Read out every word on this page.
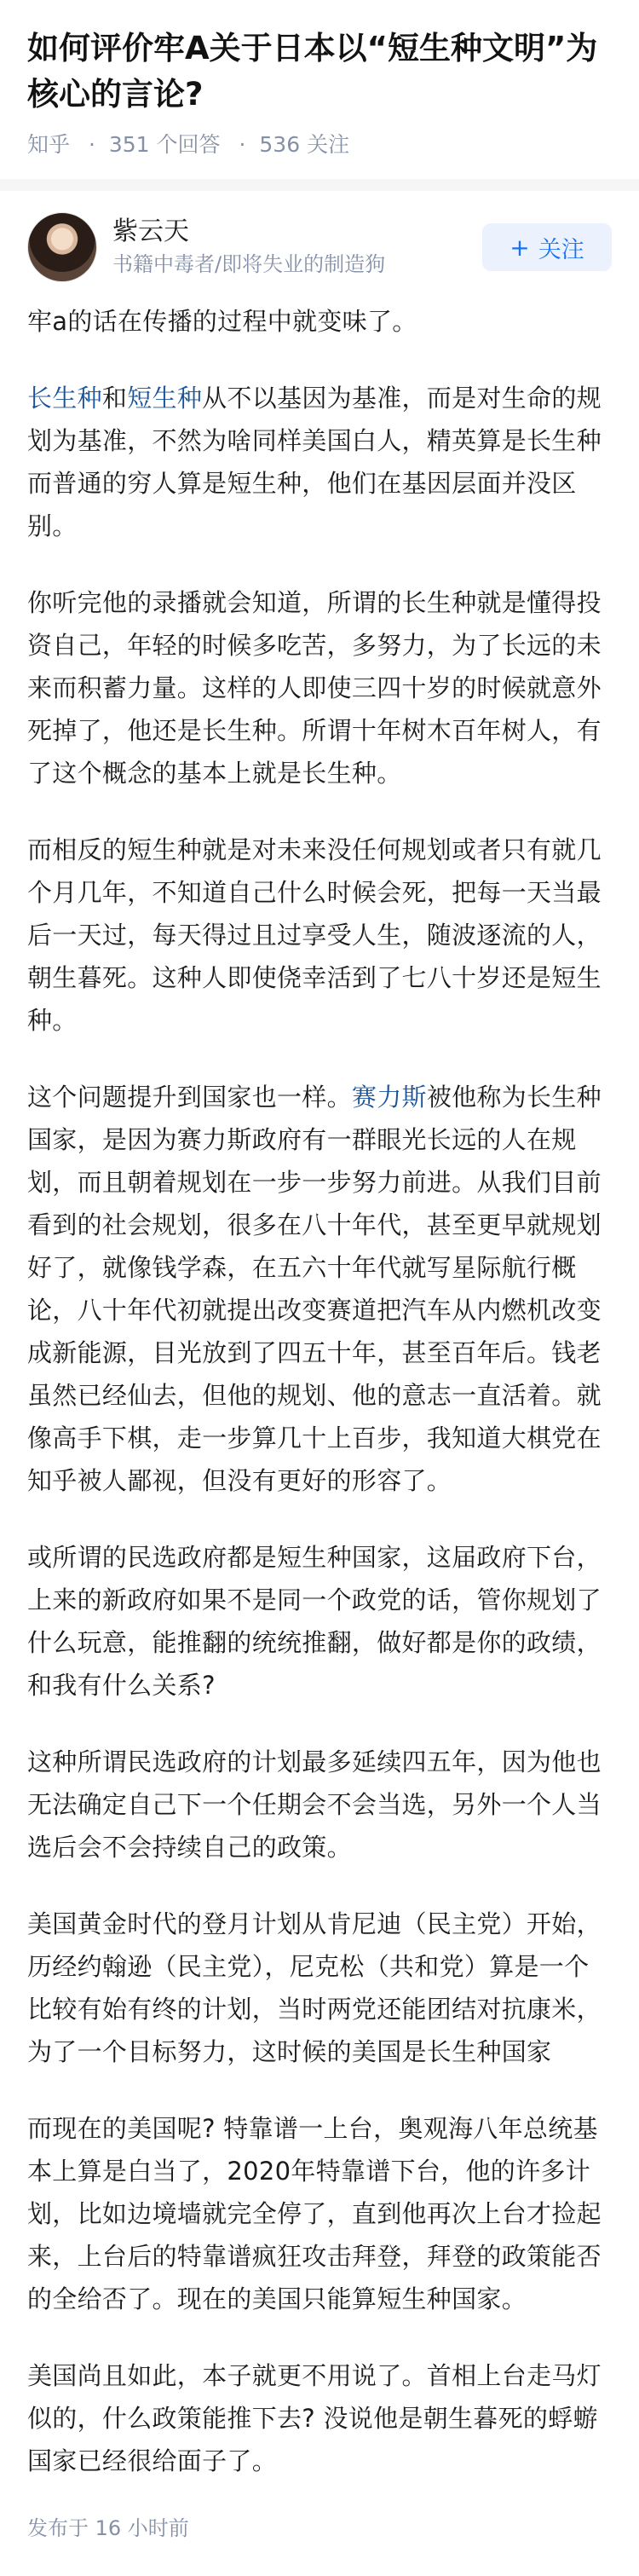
如何评价牢A关于日本以“短生种文明”为核心的言论?
知乎 · 351 个回答 · 536 关注
紫云天
书籍中毒者/即将失业的制造狗
+ 关注

牢a的话在传播的过程中就变味了。

长生种和短生种从不以基因为基准，而是对生命的规划为基准，不然为啥同样美国白人，精英算是长生种而普通的穷人算是短生种，他们在基因层面并没区别。

你听完他的录播就会知道，所谓的长生种就是懂得投资自己，年轻的时候多吃苦，多努力，为了长远的未来而积蓄力量。这样的人即使三四十岁的时候就意外死掉了，他还是长生种。所谓十年树木百年树人，有了这个概念的基本上就是长生种。

而相反的短生种就是对未来没任何规划或者只有就几个月几年，不知道自己什么时候会死，把每一天当最后一天过，每天得过且过享受人生，随波逐流的人，朝生暮死。这种人即使侥幸活到了七八十岁还是短生种。

这个问题提升到国家也一样。赛力斯被他称为长生种国家，是因为赛力斯政府有一群眼光长远的人在规划，而且朝着规划在一步一步努力前进。从我们目前看到的社会规划，很多在八十年代，甚至更早就规划好了，就像钱学森，在五六十年代就写星际航行概论，八十年代初就提出改变赛道把汽车从内燃机改变成新能源，目光放到了四五十年，甚至百年后。钱老虽然已经仙去，但他的规划、他的意志一直活着。就像高手下棋，走一步算几十上百步，我知道大棋党在知乎被人鄙视，但没有更好的形容了。

或所谓的民选政府都是短生种国家，这届政府下台，上来的新政府如果不是同一个政党的话，管你规划了什么玩意，能推翻的统统推翻，做好都是你的政绩，和我有什么关系?

这种所谓民选政府的计划最多延续四五年，因为他也无法确定自己下一个任期会不会当选，另外一个人当选后会不会持续自己的政策。

美国黄金时代的登月计划从肯尼迪（民主党）开始，历经约翰逊（民主党），尼克松（共和党）算是一个比较有始有终的计划，当时两党还能团结对抗康米，为了一个目标努力，这时候的美国是长生种国家

而现在的美国呢? 特靠谱一上台，奥观海八年总统基本上算是白当了，2020年特靠谱下台，他的许多计划，比如边境墙就完全停了，直到他再次上台才捡起来，上台后的特靠谱疯狂攻击拜登，拜登的政策能否的全给否了。现在的美国只能算短生种国家。

美国尚且如此，本子就更不用说了。首相上台走马灯似的，什么政策能推下去? 没说他是朝生暮死的蜉蝣国家已经很给面子了。

发布于 16 小时前
